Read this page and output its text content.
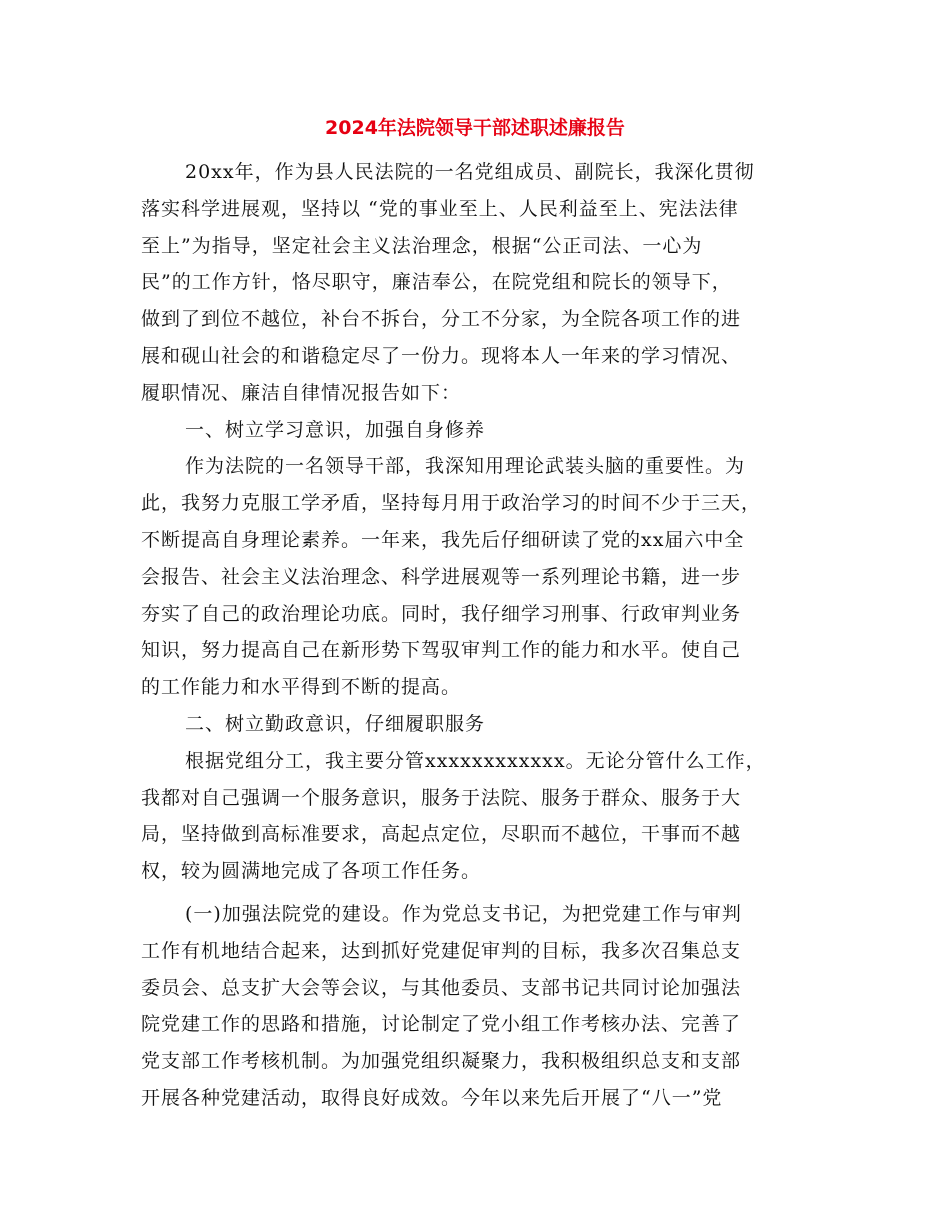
2024年法院领导干部述职述廉报告
20xx年，作为县人民法院的一名党组成员、副院长，我深化贯彻
落实科学进展观，坚持以 “党的事业至上、人民利益至上、宪法法律
至上”为指导，坚定社会主义法治理念，根据“公正司法、一心为
民”的工作方针，恪尽职守，廉洁奉公，在院党组和院长的领导下，
做到了到位不越位，补台不拆台，分工不分家，为全院各项工作的进
展和砚山社会的和谐稳定尽了一份力。现将本人一年来的学习情况、
履职情况、廉洁自律情况报告如下：
一、树立学习意识，加强自身修养
作为法院的一名领导干部，我深知用理论武装头脑的重要性。为
此，我努力克服工学矛盾，坚持每月用于政治学习的时间不少于三天，
不断提高自身理论素养。一年来，我先后仔细研读了党的xx届六中全
会报告、社会主义法治理念、科学进展观等一系列理论书籍，进一步
夯实了自己的政治理论功底。同时，我仔细学习刑事、行政审判业务
知识，努力提高自己在新形势下驾驭审判工作的能力和水平。使自己
的工作能力和水平得到不断的提高。
二、树立勤政意识，仔细履职服务
根据党组分工，我主要分管xxxxxxxxxxxx。无论分管什么工作，
我都对自己强调一个服务意识，服务于法院、服务于群众、服务于大
局，坚持做到高标准要求，高起点定位，尽职而不越位，干事而不越
权，较为圆满地完成了各项工作任务。
(一)加强法院党的建设。作为党总支书记，为把党建工作与审判
工作有机地结合起来，达到抓好党建促审判的目标，我多次召集总支
委员会、总支扩大会等会议，与其他委员、支部书记共同讨论加强法
院党建工作的思路和措施，讨论制定了党小组工作考核办法、完善了
党支部工作考核机制。为加强党组织凝聚力，我积极组织总支和支部
开展各种党建活动，取得良好成效。今年以来先后开展了“八一”党
